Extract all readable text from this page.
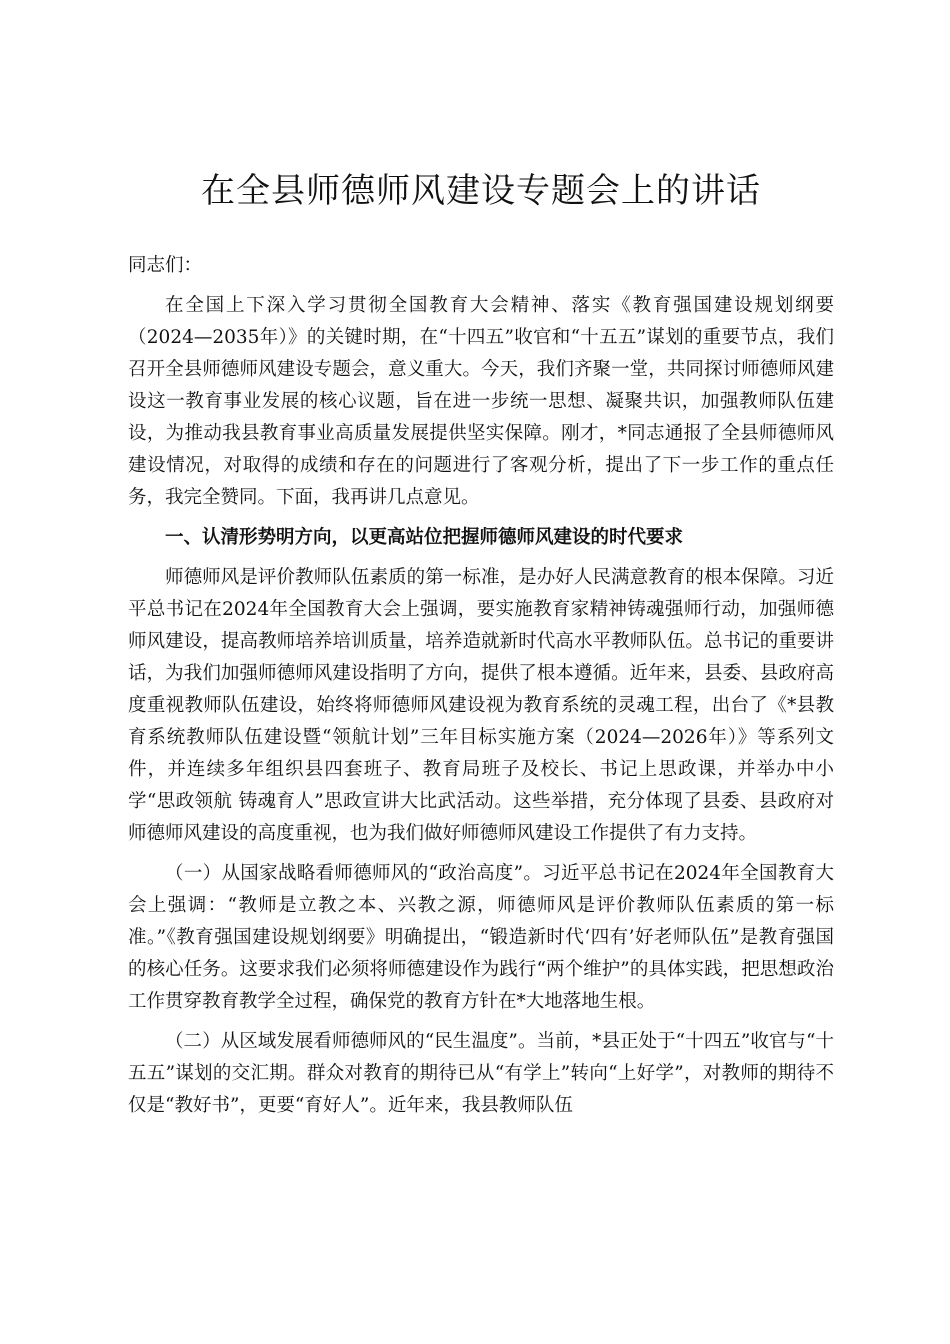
在全县师德师风建设专题会上的讲话
同志们：

在全国上下深入学习贯彻全国教育大会精神、落实《教育强国建设规划纲要（2024—2035年）》的关键时期，在“十四五”收官和“十五五”谋划的重要节点，我们召开全县师德师风建设专题会，意义重大。今天，我们齐聚一堂，共同探讨师德师风建设这一教育事业发展的核心议题，旨在进一步统一思想、凝聚共识，加强教师队伍建设，为推动我县教育事业高质量发展提供坚实保障。刚才，*同志通报了全县师德师风建设情况，对取得的成绩和存在的问题进行了客观分析，提出了下一步工作的重点任务，我完全赞同。下面，我再讲几点意见。

一、认清形势明方向，以更高站位把握师德师风建设的时代要求

师德师风是评价教师队伍素质的第一标准，是办好人民满意教育的根本保障。习近平总书记在2024年全国教育大会上强调，要实施教育家精神铸魂强师行动，加强师德师风建设，提高教师培养培训质量，培养造就新时代高水平教师队伍。总书记的重要讲话，为我们加强师德师风建设指明了方向，提供了根本遵循。近年来，县委、县政府高度重视教师队伍建设，始终将师德师风建设视为教育系统的灵魂工程，出台了《*县教育系统教师队伍建设暨“领航计划”三年目标实施方案（2024—2026年）》等系列文件，并连续多年组织县四套班子、教育局班子及校长、书记上思政课，并举办中小学“思政领航 铸魂育人”思政宣讲大比武活动。这些举措，充分体现了县委、县政府对师德师风建设的高度重视，也为我们做好师德师风建设工作提供了有力支持。

（一）从国家战略看师德师风的“政治高度”。习近平总书记在2024年全国教育大会上强调：“教师是立教之本、兴教之源，师德师风是评价教师队伍素质的第一标准。”《教育强国建设规划纲要》明确提出，“锻造新时代‘四有’好老师队伍”是教育强国的核心任务。这要求我们必须将师德建设作为践行“两个维护”的具体实践，把思想政治工作贯穿教育教学全过程，确保党的教育方针在*大地落地生根。

（二）从区域发展看师德师风的“民生温度”。当前，*县正处于“十四五”收官与“十五五”谋划的交汇期。群众对教育的期待已从“有学上”转向“上好学”，对教师的期待不仅是“教好书”，更要“育好人”。近年来，我县教师队伍
